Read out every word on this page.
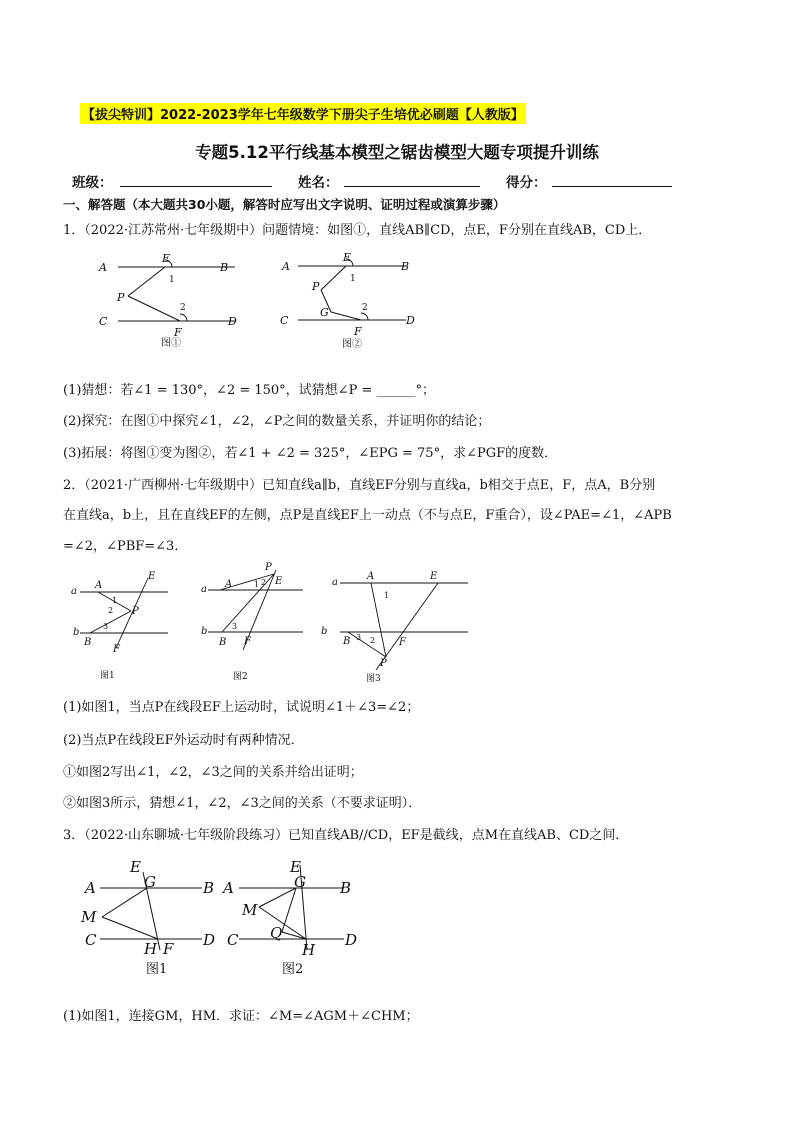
【拔尖特训】2022-2023学年七年级数学下册尖子生培优必刷题【人教版】
专题5.12平行线基本模型之锯齿模型大题专项提升训练
班级：	姓名：	得分：
一、解答题（本大题共30小题，解答时应写出文字说明、证明过程或演算步骤）
1．（2022·江苏常州·七年级期中）问题情境：如图①，直线AB∥CD，点E，F分别在直线AB，CD上．
A	B
C	D
E
F
P
1
2
图①
A	B
C	D
E
F
P
G
1
2
图②
(1)猜想：若∠1 = 130°，∠2 = 150°，试猜想∠P = ______°；
(2)探究：在图①中探究∠1，∠2，∠P之间的数量关系，并证明你的结论；
(3)拓展：将图①变为图②，若∠1 + ∠2 = 325°，∠EPG = 75°，求∠PGF的度数．
2．（2021·广西柳州·七年级期中）已知直线a∥b，直线EF分别与直线a，b相交于点E，F，点A，B分别
在直线a，b上，且在直线EF的左侧，点P是直线EF上一动点（不与点E，F重合），设∠PAE=∠1，∠APB
=∠2，∠PBF=∠3．
a
b
A
B
E
F
P
1
2
3
图1
a
b
A
B
E
F
P
1 2
3
图2
a
b
A
B
E
F
P
1
2
3
图3
(1)如图1，当点P在线段EF上运动时，试说明∠1＋∠3=∠2；
(2)当点P在线段EF外运动时有两种情况．
①如图2写出∠1，∠2，∠3之间的关系并给出证明；
②如图3所示，猜想∠1，∠2，∠3之间的关系（不要求证明）．
3．（2022·山东聊城·七年级阶段练习）已知直线AB//CD，EF是截线，点M在直线AB、CD之间．
A	B
C	D
E
G
H F
M
图1
A	B
C	D
E
G
H
M
Q
图2
(1)如图1，连接GM，HM．求证：∠M=∠AGM＋∠CHM；
